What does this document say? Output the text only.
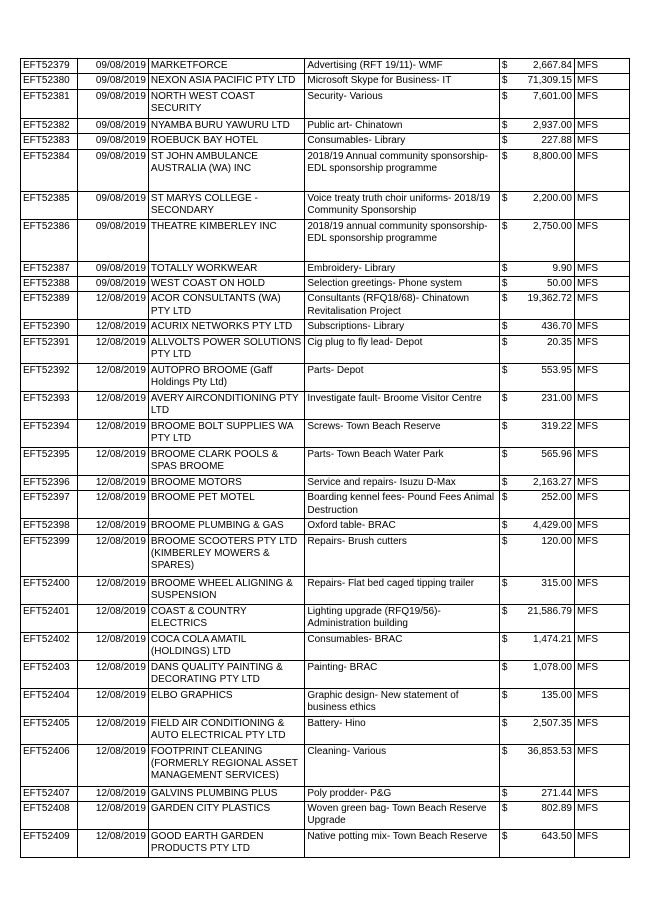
EFT52379	09/08/2019	MARKETFORCE	Advertising (RFT 19/11)- WMF	$	2,667.84	MFS
EFT52380	09/08/2019	NEXON ASIA PACIFIC PTY LTD	Microsoft Skype for Business- IT	$	71,309.15	MFS
EFT52381	09/08/2019	NORTH WEST COAST SECURITY	Security- Various	$	7,601.00	MFS
EFT52382	09/08/2019	NYAMBA BURU YAWURU LTD	Public art- Chinatown	$	2,937.00	MFS
EFT52383	09/08/2019	ROEBUCK BAY HOTEL	Consumables- Library	$	227.88	MFS
EFT52384	09/08/2019	ST JOHN AMBULANCE AUSTRALIA (WA) INC	2018/19 Annual community sponsorship- EDL sponsorship programme	$	8,800.00	MFS
EFT52385	09/08/2019	ST MARYS COLLEGE - SECONDARY	Voice treaty truth choir uniforms- 2018/19 Community Sponsorship	$	2,200.00	MFS
EFT52386	09/08/2019	THEATRE KIMBERLEY INC	2018/19 annual community sponsorship- EDL sponsorship programme	$	2,750.00	MFS
EFT52387	09/08/2019	TOTALLY WORKWEAR	Embroidery- Library	$	9.90	MFS
EFT52388	09/08/2019	WEST COAST ON HOLD	Selection greetings- Phone system	$	50.00	MFS
EFT52389	12/08/2019	ACOR CONSULTANTS (WA) PTY LTD	Consultants (RFQ18/68)- Chinatown Revitalisation Project	$	19,362.72	MFS
EFT52390	12/08/2019	ACURIX NETWORKS PTY LTD	Subscriptions- Library	$	436.70	MFS
EFT52391	12/08/2019	ALLVOLTS POWER SOLUTIONS PTY LTD	Cig plug to fly lead- Depot	$	20.35	MFS
EFT52392	12/08/2019	AUTOPRO BROOME (Gaff Holdings Pty Ltd)	Parts- Depot	$	553.95	MFS
EFT52393	12/08/2019	AVERY AIRCONDITIONING PTY LTD	Investigate fault- Broome Visitor Centre	$	231.00	MFS
EFT52394	12/08/2019	BROOME BOLT SUPPLIES WA PTY LTD	Screws- Town Beach Reserve	$	319.22	MFS
EFT52395	12/08/2019	BROOME CLARK POOLS & SPAS BROOME	Parts- Town Beach Water Park	$	565.96	MFS
EFT52396	12/08/2019	BROOME MOTORS	Service and repairs- Isuzu D-Max	$	2,163.27	MFS
EFT52397	12/08/2019	BROOME PET MOTEL	Boarding kennel fees- Pound Fees Animal Destruction	$	252.00	MFS
EFT52398	12/08/2019	BROOME PLUMBING & GAS	Oxford table- BRAC	$	4,429.00	MFS
EFT52399	12/08/2019	BROOME SCOOTERS PTY LTD (KIMBERLEY MOWERS & SPARES)	Repairs- Brush cutters	$	120.00	MFS
EFT52400	12/08/2019	BROOME WHEEL ALIGNING & SUSPENSION	Repairs- Flat bed caged tipping trailer	$	315.00	MFS
EFT52401	12/08/2019	COAST & COUNTRY ELECTRICS	Lighting upgrade (RFQ19/56)- Administration building	$	21,586.79	MFS
EFT52402	12/08/2019	COCA COLA AMATIL (HOLDINGS) LTD	Consumables- BRAC	$	1,474.21	MFS
EFT52403	12/08/2019	DANS QUALITY PAINTING & DECORATING PTY LTD	Painting- BRAC	$	1,078.00	MFS
EFT52404	12/08/2019	ELBO GRAPHICS	Graphic design- New statement of business ethics	$	135.00	MFS
EFT52405	12/08/2019	FIELD AIR CONDITIONING & AUTO ELECTRICAL PTY LTD	Battery- Hino	$	2,507.35	MFS
EFT52406	12/08/2019	FOOTPRINT CLEANING (FORMERLY REGIONAL ASSET MANAGEMENT SERVICES)	Cleaning- Various	$	36,853.53	MFS
EFT52407	12/08/2019	GALVINS PLUMBING PLUS	Poly prodder- P&G	$	271.44	MFS
EFT52408	12/08/2019	GARDEN CITY PLASTICS	Woven green bag- Town Beach Reserve Upgrade	$	802.89	MFS
EFT52409	12/08/2019	GOOD EARTH GARDEN PRODUCTS PTY LTD	Native potting mix- Town Beach Reserve	$	643.50	MFS
